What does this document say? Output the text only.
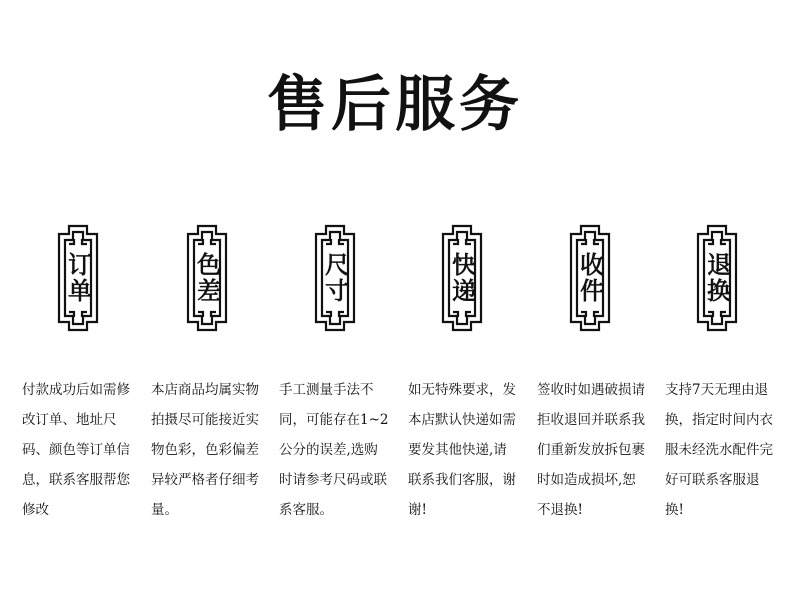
售后服务
订单
付款成功后如需修改订单、地址尺码、颜色等订单信息，联系客服帮您修改
色差
本店商品均属实物拍摄尽可能接近实物色彩，色彩偏差异较严格者仔细考量。
尺寸
手工测量手法不同，可能存在1~2公分的误差,选购时请参考尺码或联系客服。
快递
如无特殊要求，发本店默认快递如需要发其他快递,请联系我们客服，谢谢!
收件
签收时如遇破损请拒收退回并联系我们重新发放拆包裹时如造成损坏,恕不退换!
退换
支持7天无理由退换，指定时间内衣服未经洗水配件完好可联系客服退换!
